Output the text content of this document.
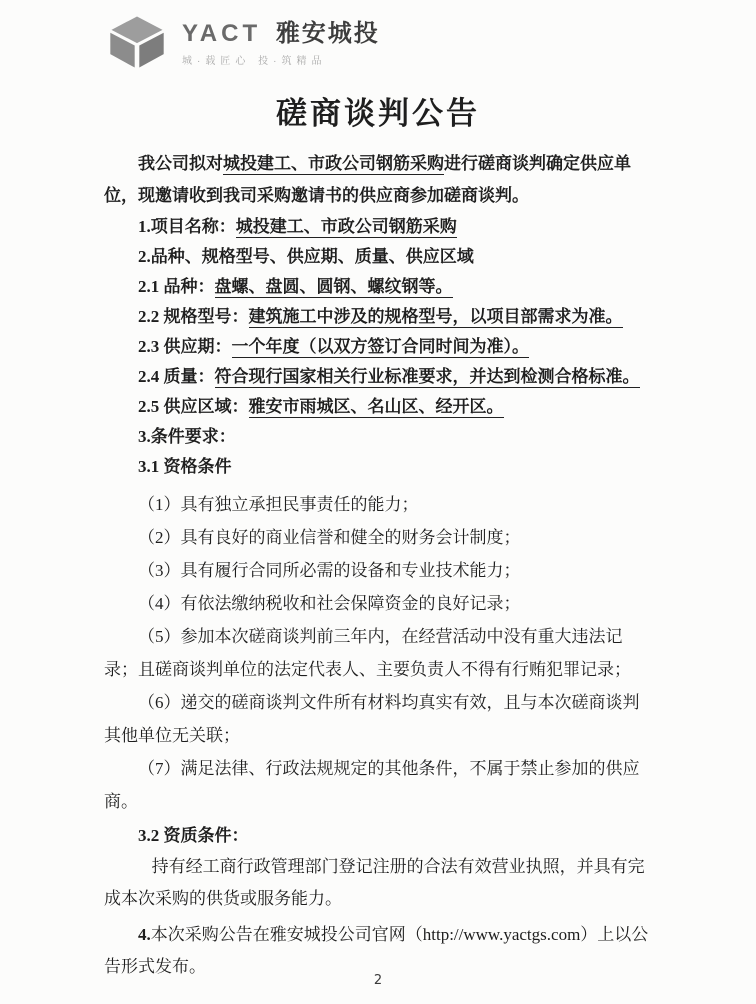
YACT 雅安城投
城·载匠心 投·筑精品
磋商谈判公告

我公司拟对城投建工、市政公司钢筋采购进行磋商谈判确定供应单位，现邀请收到我司采购邀请书的供应商参加磋商谈判。

1.项目名称：城投建工、市政公司钢筋采购

2.品种、规格型号、供应期、质量、供应区域

2.1 品种：盘螺、盘圆、圆钢、螺纹钢等。

2.2 规格型号：建筑施工中涉及的规格型号，以项目部需求为准。

2.3 供应期：一个年度（以双方签订合同时间为准）。

2.4 质量：符合现行国家相关行业标准要求，并达到检测合格标准。

2.5 供应区域：雅安市雨城区、名山区、经开区。

3.条件要求：

3.1 资格条件

（1）具有独立承担民事责任的能力；

（2）具有良好的商业信誉和健全的财务会计制度；

（3）具有履行合同所必需的设备和专业技术能力；

（4）有依法缴纳税收和社会保障资金的良好记录；

（5）参加本次磋商谈判前三年内，在经营活动中没有重大违法记录；且磋商谈判单位的法定代表人、主要负责人不得有行贿犯罪记录；

（6）递交的磋商谈判文件所有材料均真实有效，且与本次磋商谈判其他单位无关联；

（7）满足法律、行政法规规定的其他条件，不属于禁止参加的供应商。

3.2 资质条件：

持有经工商行政管理部门登记注册的合法有效营业执照，并具有完成本次采购的供货或服务能力。

4.本次采购公告在雅安城投公司官网（http://www.yactgs.com）上以公告形式发布。

2
